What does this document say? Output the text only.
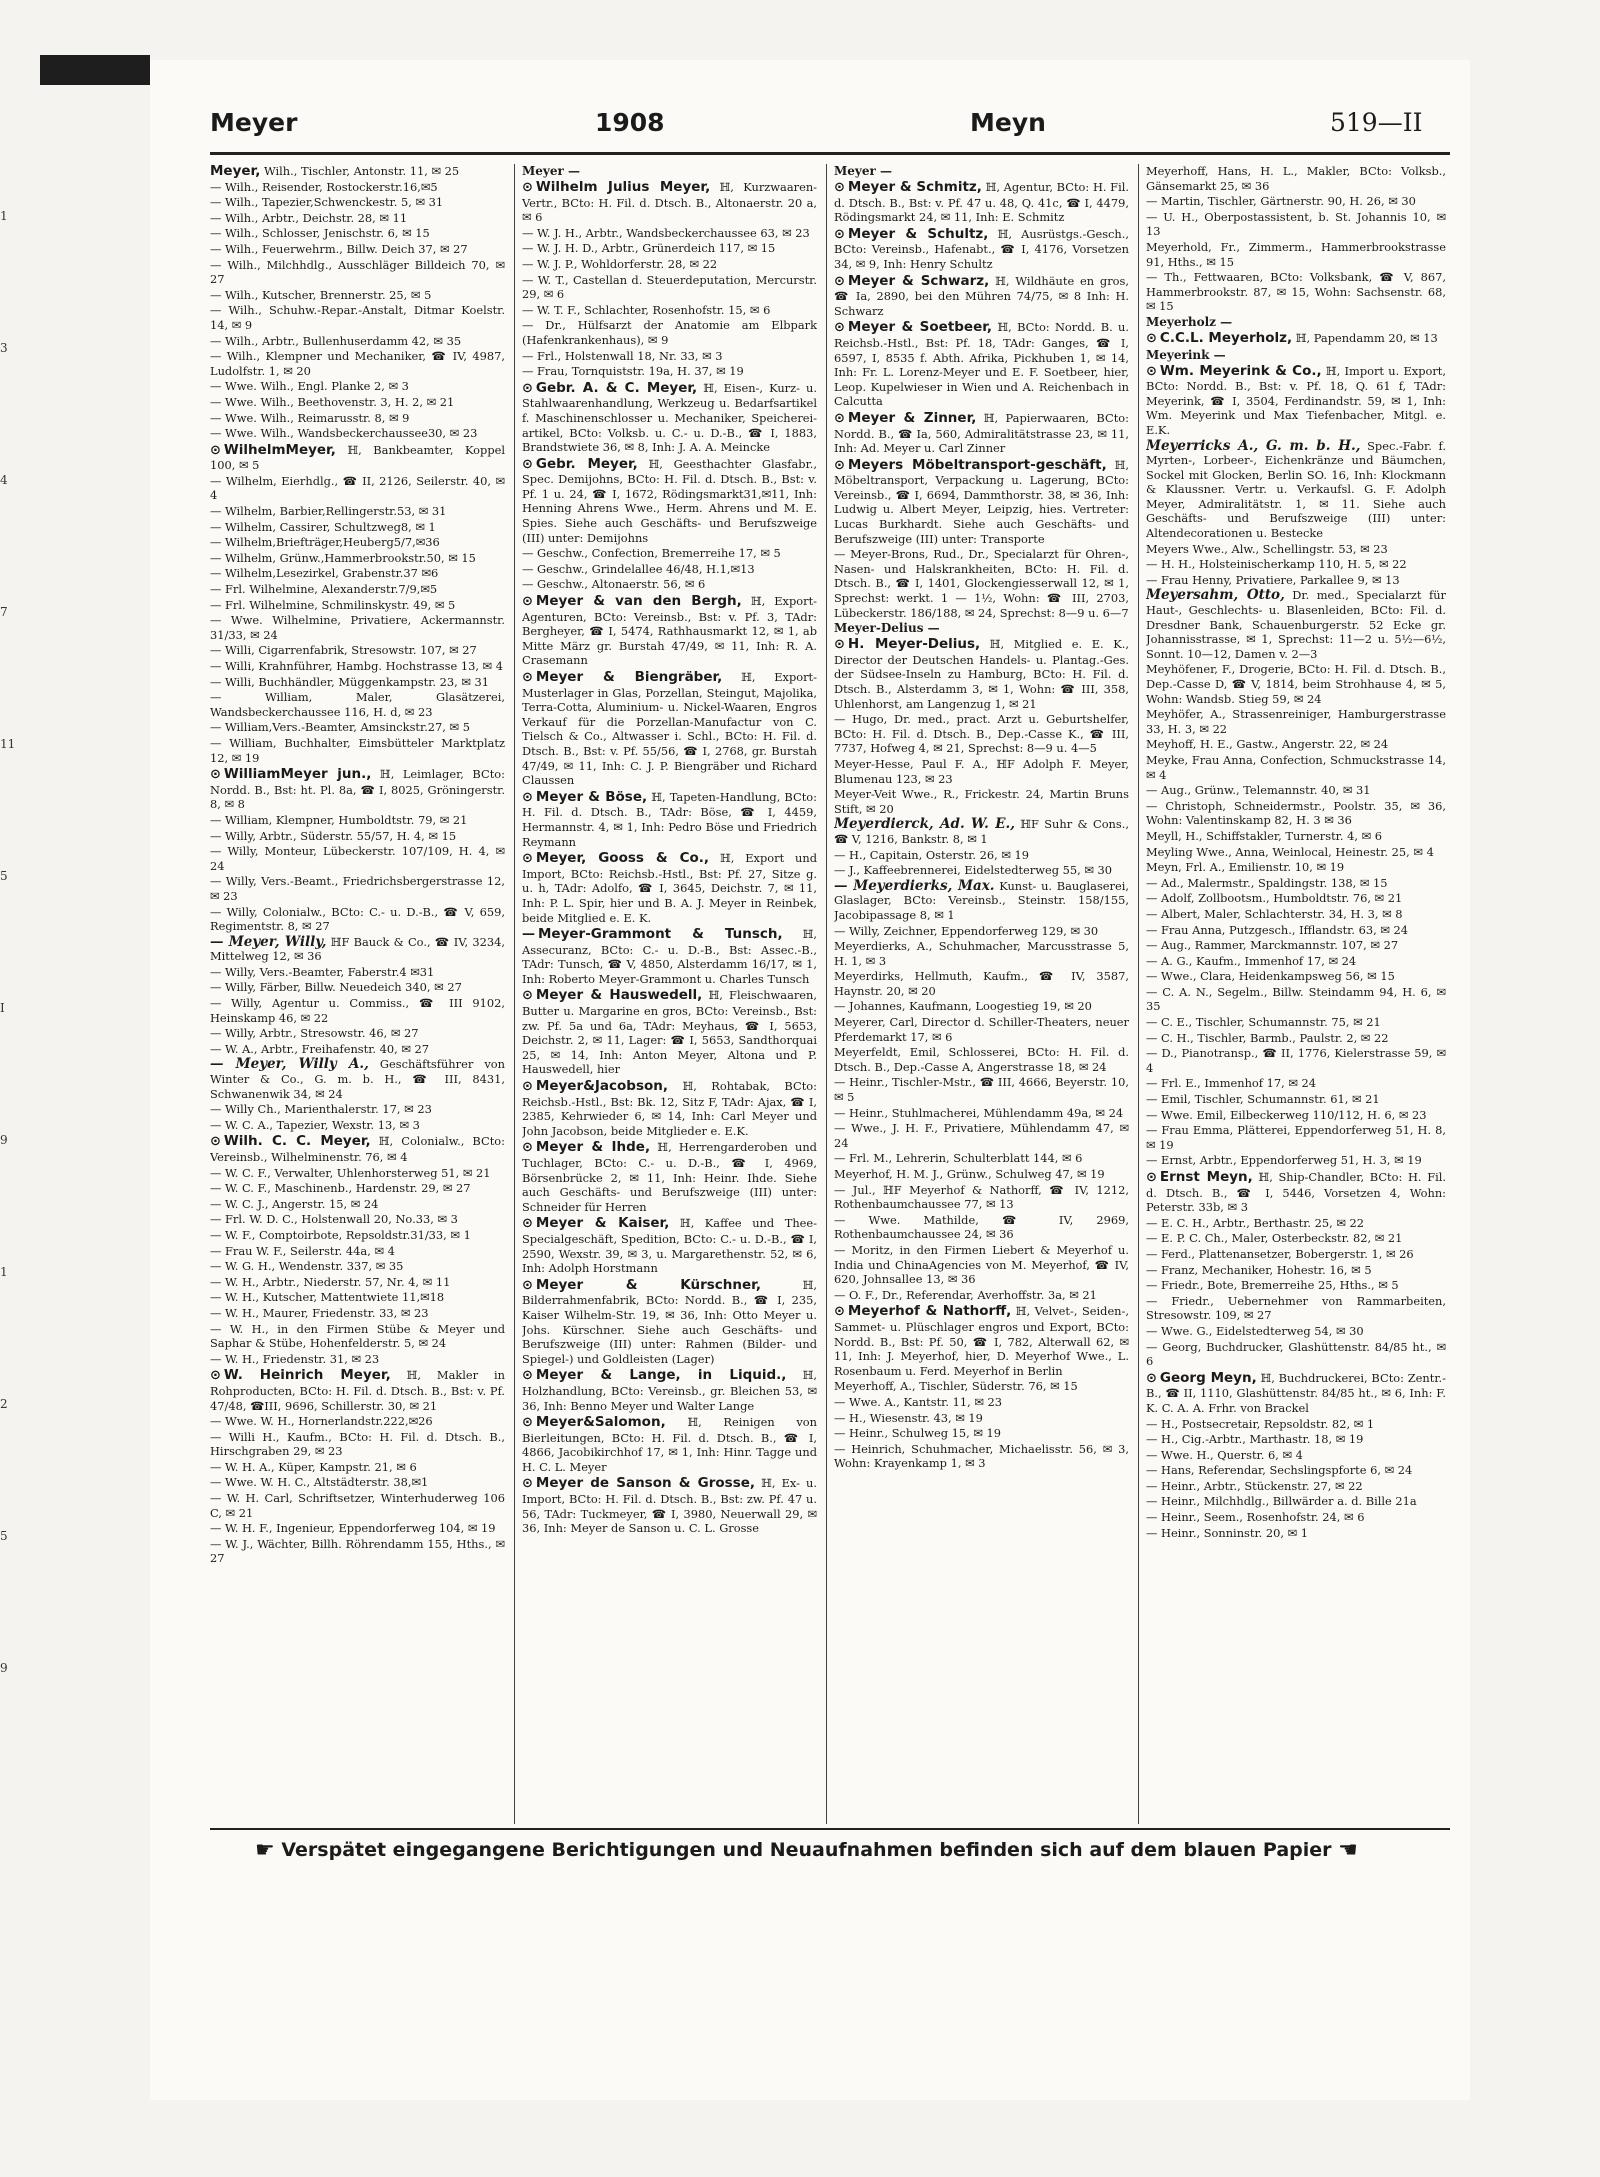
1
3
4
7
11
5
I
9
1
2
5
9
Meyer	1908	Meyn	519—II
Meyer, Wilh., Tischler, Antonstr. 11, ✉ 25
— Wilh., Reisender, Rostockerstr.16,✉5
— Wilh., Tapezier,Schwenckestr. 5, ✉ 31
— Wilh., Arbtr., Deichstr. 28, ✉ 11
— Wilh., Schlosser, Jenischstr. 6, ✉ 15
— Wilh., Feuerwehrm., Billw. Deich 37, ✉ 27
— Wilh., Milchhdlg., Ausschläger Billdeich 70, ✉ 27
— Wilh., Kutscher, Brennerstr. 25, ✉ 5
— Wilh., Schuhw.-Repar.-Anstalt, Ditmar Koelstr. 14, ✉ 9
— Wilh., Arbtr., Bullenhuserdamm 42, ✉ 35
— Wilh., Klempner und Mechaniker, ☎ IV, 4987, Ludolfstr. 1, ✉ 20
— Wwe. Wilh., Engl. Planke 2, ✉ 3
— Wwe. Wilh., Beethovenstr. 3, H. 2, ✉ 21
— Wwe. Wilh., Reimarusstr. 8, ✉ 9
— Wwe. Wilh., Wandsbeckerchaussee30, ✉ 23
⊙ WilhelmMeyer, ℍ, Bankbeamter, Koppel 100, ✉ 5
— Wilhelm, Eierhdlg., ☎ II, 2126, Seilerstr. 40, ✉ 4
— Wilhelm, Barbier,Rellingerstr.53, ✉ 31
— Wilhelm, Cassirer, Schultzweg8, ✉ 1
— Wilhelm,Briefträger,Heuberg5/7,✉36
— Wilhelm, Grünw.,Hammerbrookstr.50, ✉ 15
— Wilhelm,Lesezirkel, Grabenstr.37 ✉6
— Frl. Wilhelmine, Alexanderstr.7/9,✉5
— Frl. Wilhelmine, Schmilinskystr. 49, ✉ 5
— Wwe. Wilhelmine, Privatiere, Ackermannstr. 31/33, ✉ 24
— Willi, Cigarrenfabrik, Stresowstr. 107, ✉ 27
— Willi, Krahnführer, Hambg. Hochstrasse 13, ✉ 4
— Willi, Buchhändler, Müggenkampstr. 23, ✉ 31
— William, Maler, Glasätzerei, Wandsbeckerchaussee 116, H. d, ✉ 23
— William,Vers.-Beamter, Amsinckstr.27, ✉ 5
— William, Buchhalter, Eimsbütteler Marktplatz 12, ✉ 19
⊙ WilliamMeyer jun., ℍ, Leimlager, BCto: Nordd. B., Bst: ht. Pl. 8a, ☎ I, 8025, Gröningerstr. 8, ✉ 8
— William, Klempner, Humboldtstr. 79, ✉ 21
— Willy, Arbtr., Süderstr. 55/57, H. 4, ✉ 15
— Willy, Monteur, Lübeckerstr. 107/109, H. 4, ✉ 24
— Willy, Vers.-Beamt., Friedrichsbergerstrasse 12, ✉ 23
— Willy, Colonialw., BCto: C.- u. D.-B., ☎ V, 659, Regimentstr. 8, ✉ 27
— Meyer, Willy, ℍF Bauck & Co., ☎ IV, 3234, Mittelweg 12, ✉ 36
— Willy, Vers.-Beamter, Faberstr.4 ✉31
— Willy, Färber, Billw. Neuedeich 340, ✉ 27
— Willy, Agentur u. Commiss., ☎ III 9102, Heinskamp 46, ✉ 22
— Willy, Arbtr., Stresowstr. 46, ✉ 27
— W. A., Arbtr., Freihafenstr. 40, ✉ 27
— Meyer, Willy A., Geschäftsführer von Winter & Co., G. m. b. H., ☎ III, 8431, Schwanenwik 34, ✉ 24
— Willy Ch., Marienthalerstr. 17, ✉ 23
— W. C. A., Tapezier, Wexstr. 13, ✉ 3
⊙ Wilh. C. C. Meyer, ℍ, Colonialw., BCto: Vereinsb., Wilhelminenstr. 76, ✉ 4
— W. C. F., Verwalter, Uhlenhorsterweg 51, ✉ 21
— W. C. F., Maschinenb., Hardenstr. 29, ✉ 27
— W. C. J., Angerstr. 15, ✉ 24
— Frl. W. D. C., Holstenwall 20, No.33, ✉ 3
— W. F., Comptoirbote, Repsoldstr.31/33, ✉ 1
— Frau W. F., Seilerstr. 44a, ✉ 4
— W. G. H., Wendenstr. 337, ✉ 35
— W. H., Arbtr., Niederstr. 57, Nr. 4, ✉ 11
— W. H., Kutscher, Mattentwiete 11,✉18
— W. H., Maurer, Friedenstr. 33, ✉ 23
— W. H., in den Firmen Stübe & Meyer und Saphar & Stübe, Hohenfelderstr. 5, ✉ 24
— W. H., Friedenstr. 31, ✉ 23
⊙ W. Heinrich Meyer, ℍ, Makler in Rohproducten, BCto: H. Fil. d. Dtsch. B., Bst: v. Pf. 47/48, ☎III, 9696, Schillerstr. 30, ✉ 21
— Wwe. W. H., Hornerlandstr.222,✉26
— Willi H., Kaufm., BCto: H. Fil. d. Dtsch. B., Hirschgraben 29, ✉ 23
— W. H. A., Küper, Kampstr. 21, ✉ 6
— Wwe. W. H. C., Altstädterstr. 38,✉1
— W. H. Carl, Schriftsetzer, Winterhuderweg 106 C, ✉ 21
— W. H. F., Ingenieur, Eppendorferweg 104, ✉ 19
— W. J., Wächter, Billh. Röhrendamm 155, Hths., ✉ 27
Meyer —
⊙ Wilhelm Julius Meyer, ℍ, Kurzwaaren-Vertr., BCto: H. Fil. d. Dtsch. B., Altonaerstr. 20 a, ✉ 6
— W. J. H., Arbtr., Wandsbeckerchaussee 63, ✉ 23
— W. J. H. D., Arbtr., Grünerdeich 117, ✉ 15
— W. J. P., Wohldorferstr. 28, ✉ 22
— W. T., Castellan d. Steuerdeputation, Mercurstr. 29, ✉ 6
— W. T. F., Schlachter, Rosenhofstr. 15, ✉ 6
— Dr., Hülfsarzt der Anatomie am Elbpark (Hafenkrankenhaus), ✉ 9
— Frl., Holstenwall 18, Nr. 33, ✉ 3
— Frau, Tornquiststr. 19a, H. 37, ✉ 19
⊙ Gebr. A. & C. Meyer, ℍ, Eisen-, Kurz- u. Stahlwaarenhandlung, Werkzeug u. Bedarfsartikel f. Maschinenschlosser u. Mechaniker, Speicherei-artikel, BCto: Volksb. u. C.- u. D.-B., ☎ I, 1883, Brandstwiete 36, ✉ 8, Inh: J. A. A. Meincke
⊙ Gebr. Meyer, ℍ, Geesthachter Glasfabr., Spec. Demijohns, BCto: H. Fil. d. Dtsch. B., Bst: v. Pf. 1 u. 24, ☎ I, 1672, Rödingsmarkt31,✉11, Inh: Henning Ahrens Wwe., Herm. Ahrens und M. E. Spies. Siehe auch Geschäfts- und Berufszweige (III) unter: Demijohns
— Geschw., Confection, Bremerreihe 17, ✉ 5
— Geschw., Grindelallee 46/48, H.1,✉13
— Geschw., Altonaerstr. 56, ✉ 6
⊙ Meyer & van den Bergh, ℍ, Export-Agenturen, BCto: Vereinsb., Bst: v. Pf. 3, TAdr: Bergheyer, ☎ I, 5474, Rathhausmarkt 12, ✉ 1, ab Mitte März gr. Burstah 47/49, ✉ 11, Inh: R. A. Crasemann
⊙ Meyer & Biengräber, ℍ, Export-Musterlager in Glas, Porzellan, Steingut, Majolika, Terra-Cotta, Aluminium- u. Nickel-Waaren, Engros Verkauf für die Porzellan-Manufactur von C. Tielsch & Co., Altwasser i. Schl., BCto: H. Fil. d. Dtsch. B., Bst: v. Pf. 55/56, ☎ I, 2768, gr. Burstah 47/49, ✉ 11, Inh: C. J. P. Biengräber und Richard Claussen
⊙ Meyer & Böse, ℍ, Tapeten-Handlung, BCto: H. Fil. d. Dtsch. B., TAdr: Böse, ☎ I, 4459, Hermannstr. 4, ✉ 1, Inh: Pedro Böse und Friedrich Reymann
⊙ Meyer, Gooss & Co., ℍ, Export und Import, BCto: Reichsb.-Hstl., Bst: Pf. 27, Sitze g. u. h, TAdr: Adolfo, ☎ I, 3645, Deichstr. 7, ✉ 11, Inh: P. L. Spir, hier und B. A. J. Meyer in Reinbek, beide Mitglied e. E. K.
— Meyer-Grammont & Tunsch, ℍ, Assecuranz, BCto: C.- u. D.-B., Bst: Assec.-B., TAdr: Tunsch, ☎ V, 4850, Alsterdamm 16/17, ✉ 1, Inh: Roberto Meyer-Grammont u. Charles Tunsch
⊙ Meyer & Hauswedell, ℍ, Fleischwaaren, Butter u. Margarine en gros, BCto: Vereinsb., Bst: zw. Pf. 5a und 6a, TAdr: Meyhaus, ☎ I, 5653, Deichstr. 2, ✉ 11, Lager: ☎ I, 5653, Sandthorquai 25, ✉ 14, Inh: Anton Meyer, Altona und P. Hauswedell, hier
⊙ Meyer&Jacobson, ℍ, Rohtabak, BCto: Reichsb.-Hstl., Bst: Bk. 12, Sitz F, TAdr: Ajax, ☎ I, 2385, Kehrwieder 6, ✉ 14, Inh: Carl Meyer und John Jacobson, beide Mitglieder e. E.K.
⊙ Meyer & Ihde, ℍ, Herrengarderoben und Tuchlager, BCto: C.- u. D.-B., ☎ I, 4969, Börsenbrücke 2, ✉ 11, Inh: Heinr. Ihde. Siehe auch Geschäfts- und Berufszweige (III) unter: Schneider für Herren
⊙ Meyer & Kaiser, ℍ, Kaffee und Thee-Specialgeschäft, Spedition, BCto: C.- u. D.-B., ☎ I, 2590, Wexstr. 39, ✉ 3, u. Margarethenstr. 52, ✉ 6, Inh: Adolph Horstmann
⊙ Meyer & Kürschner, ℍ, Bilderrahmenfabrik, BCto: Nordd. B., ☎ I, 235, Kaiser Wilhelm-Str. 19, ✉ 36, Inh: Otto Meyer u. Johs. Kürschner. Siehe auch Geschäfts- und Berufszweige (III) unter: Rahmen (Bilder- und Spiegel-) und Goldleisten (Lager)
⊙ Meyer & Lange, in Liquid., ℍ, Holzhandlung, BCto: Vereinsb., gr. Bleichen 53, ✉ 36, Inh: Benno Meyer und Walter Lange
⊙ Meyer&Salomon, ℍ, Reinigen von Bierleitungen, BCto: H. Fil. d. Dtsch. B., ☎ I, 4866, Jacobikirchhof 17, ✉ 1, Inh: Hinr. Tagge und H. C. L. Meyer
⊙ Meyer de Sanson & Grosse, ℍ, Ex- u. Import, BCto: H. Fil. d. Dtsch. B., Bst: zw. Pf. 47 u. 56, TAdr: Tuckmeyer, ☎ I, 3980, Neuerwall 29, ✉ 36, Inh: Meyer de Sanson u. C. L. Grosse
Meyer —
⊙ Meyer & Schmitz, ℍ, Agentur, BCto: H. Fil. d. Dtsch. B., Bst: v. Pf. 47 u. 48, Q. 41c, ☎ I, 4479, Rödingsmarkt 24, ✉ 11, Inh: E. Schmitz
⊙ Meyer & Schultz, ℍ, Ausrüstgs.-Gesch., BCto: Vereinsb., Hafenabt., ☎ I, 4176, Vorsetzen 34, ✉ 9, Inh: Henry Schultz
⊙ Meyer & Schwarz, ℍ, Wildhäute en gros, ☎ Ia, 2890, bei den Mühren 74/75, ✉ 8 Inh: H. Schwarz
⊙ Meyer & Soetbeer, ℍ, BCto: Nordd. B. u. Reichsb.-Hstl., Bst: Pf. 18, TAdr: Ganges, ☎ I, 6597, I, 8535 f. Abth. Afrika, Pickhuben 1, ✉ 14, Inh: Fr. L. Lorenz-Meyer und E. F. Soetbeer, hier, Leop. Kupelwieser in Wien und A. Reichenbach in Calcutta
⊙ Meyer & Zinner, ℍ, Papierwaaren, BCto: Nordd. B., ☎ Ia, 560, Admiralitätstrasse 23, ✉ 11, Inh: Ad. Meyer u. Carl Zinner
⊙ Meyers Möbeltransport-geschäft, ℍ, Möbeltransport, Verpackung u. Lagerung, BCto: Vereinsb., ☎ I, 6694, Dammthorstr. 38, ✉ 36, Inh: Ludwig u. Albert Meyer, Leipzig, hies. Vertreter: Lucas Burkhardt. Siehe auch Geschäfts- und Berufszweige (III) unter: Transporte
— Meyer-Brons, Rud., Dr., Specialarzt für Ohren-, Nasen- und Halskrankheiten, BCto: H. Fil. d. Dtsch. B., ☎ I, 1401, Glockengiesserwall 12, ✉ 1, Sprechst: werkt. 1 — 1½, Wohn: ☎ III, 2703, Lübeckerstr. 186/188, ✉ 24, Sprechst: 8—9 u. 6—7
Meyer-Delius —
⊙ H. Meyer-Delius, ℍ, Mitglied e. E. K., Director der Deutschen Handels- u. Plantag.-Ges. der Südsee-Inseln zu Hamburg, BCto: H. Fil. d. Dtsch. B., Alsterdamm 3, ✉ 1, Wohn: ☎ III, 358, Uhlenhorst, am Langenzug 1, ✉ 21
— Hugo, Dr. med., pract. Arzt u. Geburtshelfer, BCto: H. Fil. d. Dtsch. B., Dep.-Casse K., ☎ III, 7737, Hofweg 4, ✉ 21, Sprechst: 8—9 u. 4—5
Meyer-Hesse, Paul F. A., ℍF Adolph F. Meyer, Blumenau 123, ✉ 23
Meyer-Veit Wwe., R., Frickestr. 24, Martin Bruns Stift, ✉ 20
Meyerdierck, Ad. W. E., ℍF Suhr & Cons., ☎ V, 1216, Bankstr. 8, ✉ 1
— H., Capitain, Osterstr. 26, ✉ 19
— J., Kaffeebrennerei, Eidelstedterweg 55, ✉ 30
— Meyerdierks, Max. Kunst- u. Bauglaserei, Glaslager, BCto: Vereinsb., Steinstr. 158/155, Jacobipassage 8, ✉ 1
— Willy, Zeichner, Eppendorferweg 129, ✉ 30
Meyerdierks, A., Schuhmacher, Marcusstrasse 5, H. 1, ✉ 3
Meyerdirks, Hellmuth, Kaufm., ☎ IV, 3587, Haynstr. 20, ✉ 20
— Johannes, Kaufmann, Loogestieg 19, ✉ 20
Meyerer, Carl, Director d. Schiller-Theaters, neuer Pferdemarkt 17, ✉ 6
Meyerfeldt, Emil, Schlosserei, BCto: H. Fil. d. Dtsch. B., Dep.-Casse A, Angerstrasse 18, ✉ 24
— Heinr., Tischler-Mstr., ☎ III, 4666, Beyerstr. 10, ✉ 5
— Heinr., Stuhlmacherei, Mühlendamm 49a, ✉ 24
— Wwe., J. H. F., Privatiere, Mühlendamm 47, ✉ 24
— Frl. M., Lehrerin, Schulterblatt 144, ✉ 6
Meyerhof, H. M. J., Grünw., Schulweg 47, ✉ 19
— Jul., ℍF Meyerhof & Nathorff, ☎ IV, 1212, Rothenbaumchaussee 77, ✉ 13
— Wwe. Mathilde, ☎ IV, 2969, Rothenbaumchaussee 24, ✉ 36
— Moritz, in den Firmen Liebert & Meyerhof u. India und ChinaAgencies von M. Meyerhof, ☎ IV, 620, Johnsallee 13, ✉ 36
— O. F., Dr., Referendar, Averhoffstr. 3a, ✉ 21
⊙ Meyerhof & Nathorff, ℍ, Velvet-, Seiden-, Sammet- u. Plüschlager engros und Export, BCto: Nordd. B., Bst: Pf. 50, ☎ I, 782, Alterwall 62, ✉ 11, Inh: J. Meyerhof, hier, D. Meyerhof Wwe., L. Rosenbaum u. Ferd. Meyerhof in Berlin
Meyerhoff, A., Tischler, Süderstr. 76, ✉ 15
— Wwe. A., Kantstr. 11, ✉ 23
— H., Wiesenstr. 43, ✉ 19
— Heinr., Schulweg 15, ✉ 19
— Heinrich, Schuhmacher, Michaelisstr. 56, ✉ 3, Wohn: Krayenkamp 1, ✉ 3
Meyerhoff, Hans, H. L., Makler, BCto: Volksb., Gänsemarkt 25, ✉ 36
— Martin, Tischler, Gärtnerstr. 90, H. 26, ✉ 30
— U. H., Oberpostassistent, b. St. Johannis 10, ✉ 13
Meyerhold, Fr., Zimmerm., Hammerbrookstrasse 91, Hths., ✉ 15
— Th., Fettwaaren, BCto: Volksbank, ☎ V, 867, Hammerbrookstr. 87, ✉ 15, Wohn: Sachsenstr. 68, ✉ 15
Meyerholz —
⊙ C.C.L. Meyerholz, ℍ, Papendamm 20, ✉ 13
Meyerink —
⊙ Wm. Meyerink & Co., ℍ, Import u. Export, BCto: Nordd. B., Bst: v. Pf. 18, Q. 61 f, TAdr: Meyerink, ☎ I, 3504, Ferdinandstr. 59, ✉ 1, Inh: Wm. Meyerink und Max Tiefenbacher, Mitgl. e. E.K.
Meyerricks A., G. m. b. H., Spec.-Fabr. f. Myrten-, Lorbeer-, Eichenkränze und Bäumchen, Sockel mit Glocken, Berlin SO. 16, Inh: Klockmann & Klaussner. Vertr. u. Verkaufsl. G. F. Adolph Meyer, Admiralitätstr. 1, ✉ 11. Siehe auch Geschäfts- und Berufszweige (III) unter: Altendecorationen u. Bestecke
Meyers Wwe., Alw., Schellingstr. 53, ✉ 23
— H. H., Holsteinischerkamp 110, H. 5, ✉ 22
— Frau Henny, Privatiere, Parkallee 9, ✉ 13
Meyersahm, Otto, Dr. med., Specialarzt für Haut-, Geschlechts- u. Blasenleiden, BCto: Fil. d. Dresdner Bank, Schauenburgerstr. 52 Ecke gr. Johannisstrasse, ✉ 1, Sprechst: 11—2 u. 5½—6½, Sonnt. 10—12, Damen v. 2—3
Meyhöfener, F., Drogerie, BCto: H. Fil. d. Dtsch. B., Dep.-Casse D, ☎ V, 1814, beim Strohhause 4, ✉ 5, Wohn: Wandsb. Stieg 59, ✉ 24
Meyhöfer, A., Strassenreiniger, Hamburgerstrasse 33, H. 3, ✉ 22
Meyhoff, H. E., Gastw., Angerstr. 22, ✉ 24
Meyke, Frau Anna, Confection, Schmuckstrasse 14, ✉ 4
— Aug., Grünw., Telemannstr. 40, ✉ 31
— Christoph, Schneidermstr., Poolstr. 35, ✉ 36, Wohn: Valentinskamp 82, H. 3 ✉ 36
Meyll, H., Schiffstakler, Turnerstr. 4, ✉ 6
Meyling Wwe., Anna, Weinlocal, Heinestr. 25, ✉ 4
Meyn, Frl. A., Emilienstr. 10, ✉ 19
— Ad., Malermstr., Spaldingstr. 138, ✉ 15
— Adolf, Zollbootsm., Humboldtstr. 76, ✉ 21
— Albert, Maler, Schlachterstr. 34, H. 3, ✉ 8
— Frau Anna, Putzgesch., Ifflandstr. 63, ✉ 24
— Aug., Rammer, Marckmannstr. 107, ✉ 27
— A. G., Kaufm., Immenhof 17, ✉ 24
— Wwe., Clara, Heidenkampsweg 56, ✉ 15
— C. A. N., Segelm., Billw. Steindamm 94, H. 6, ✉ 35
— C. E., Tischler, Schumannstr. 75, ✉ 21
— C. H., Tischler, Barmb., Paulstr. 2, ✉ 22
— D., Pianotransp., ☎ II, 1776, Kielerstrasse 59, ✉ 4
— Frl. E., Immenhof 17, ✉ 24
— Emil, Tischler, Schumannstr. 61, ✉ 21
— Wwe. Emil, Eilbeckerweg 110/112, H. 6, ✉ 23
— Frau Emma, Plätterei, Eppendorferweg 51, H. 8, ✉ 19
— Ernst, Arbtr., Eppendorferweg 51, H. 3, ✉ 19
⊙ Ernst Meyn, ℍ, Ship-Chandler, BCto: H. Fil. d. Dtsch. B., ☎ I, 5446, Vorsetzen 4, Wohn: Peterstr. 33b, ✉ 3
— E. C. H., Arbtr., Berthastr. 25, ✉ 22
— E. P. C. Ch., Maler, Osterbeckstr. 82, ✉ 21
— Ferd., Plattenansetzer, Bobergerstr. 1, ✉ 26
— Franz, Mechaniker, Hohestr. 16, ✉ 5
— Friedr., Bote, Bremerreihe 25, Hths., ✉ 5
— Friedr., Uebernehmer von Rammarbeiten, Stresowstr. 109, ✉ 27
— Wwe. G., Eidelstedterweg 54, ✉ 30
— Georg, Buchdrucker, Glashüttenstr. 84/85 ht., ✉ 6
⊙ Georg Meyn, ℍ, Buchdruckerei, BCto: Zentr.-B., ☎ II, 1110, Glashüttenstr. 84/85 ht., ✉ 6, Inh: F. K. C. A. A. Frhr. von Brackel
— H., Postsecretair, Repsoldstr. 82, ✉ 1
— H., Cig.-Arbtr., Marthastr. 18, ✉ 19
— Wwe. H., Querstr. 6, ✉ 4
— Hans, Referendar, Sechslingspforte 6, ✉ 24
— Heinr., Arbtr., Stückenstr. 27, ✉ 22
— Heinr., Milchhdlg., Billwärder a. d. Bille 21a
— Heinr., Seem., Rosenhofstr. 24, ✉ 6
— Heinr., Sonninstr. 20, ✉ 1
☛ Verspätet eingegangene Berichtigungen und Neuaufnahmen befinden sich auf dem blauen Papier ☚
